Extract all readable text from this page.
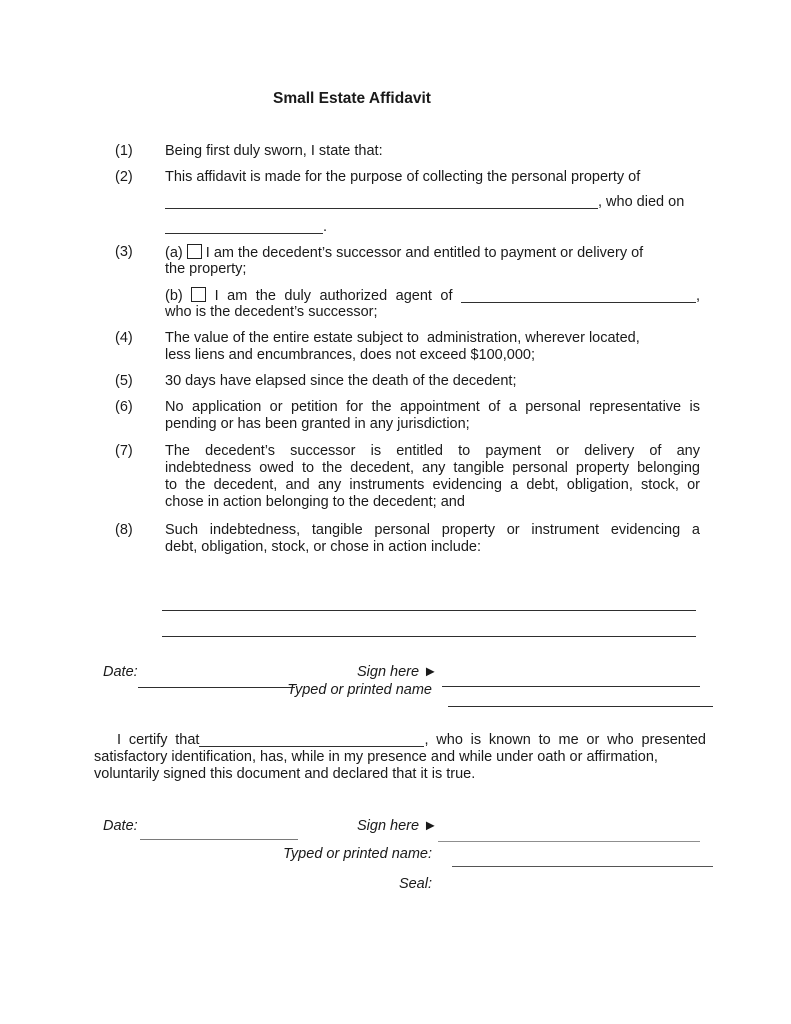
Small Estate Affidavit
(1)	Being first duly sworn, I state that:
(2)	This affidavit is made for the purpose of collecting the personal property of
, who died on
.
(3)	(a) I am the decedent’s successor and entitled to payment or delivery of
the property;
(b) I am the duly authorized agent of	,
who is the decedent’s successor;
(4)	The value of the entire estate subject to  administration, wherever located,
less liens and encumbrances, does not exceed $100,000;
(5)	30 days have elapsed since the death of the decedent;
(6)	No application or petition for the appointment of a personal representative is
pending or has been granted in any jurisdiction;
(7)	The decedent’s successor is entitled to payment or delivery of any
indebtedness owed to the decedent, any tangible personal property belonging
to the decedent, and any instruments evidencing a debt, obligation, stock, or
chose in action belonging to the decedent; and
(8)	Such indebtedness, tangible personal property or instrument evidencing a
debt, obligation, stock, or chose in action include:
Date:	Sign here ►
Typed or printed name
I certify that	, who is known to me or who presented
satisfactory identification, has, while in my presence and while under oath or affirmation,
voluntarily signed this document and declared that it is true.
Date:	Sign here ►
Typed or printed name:
Seal:
